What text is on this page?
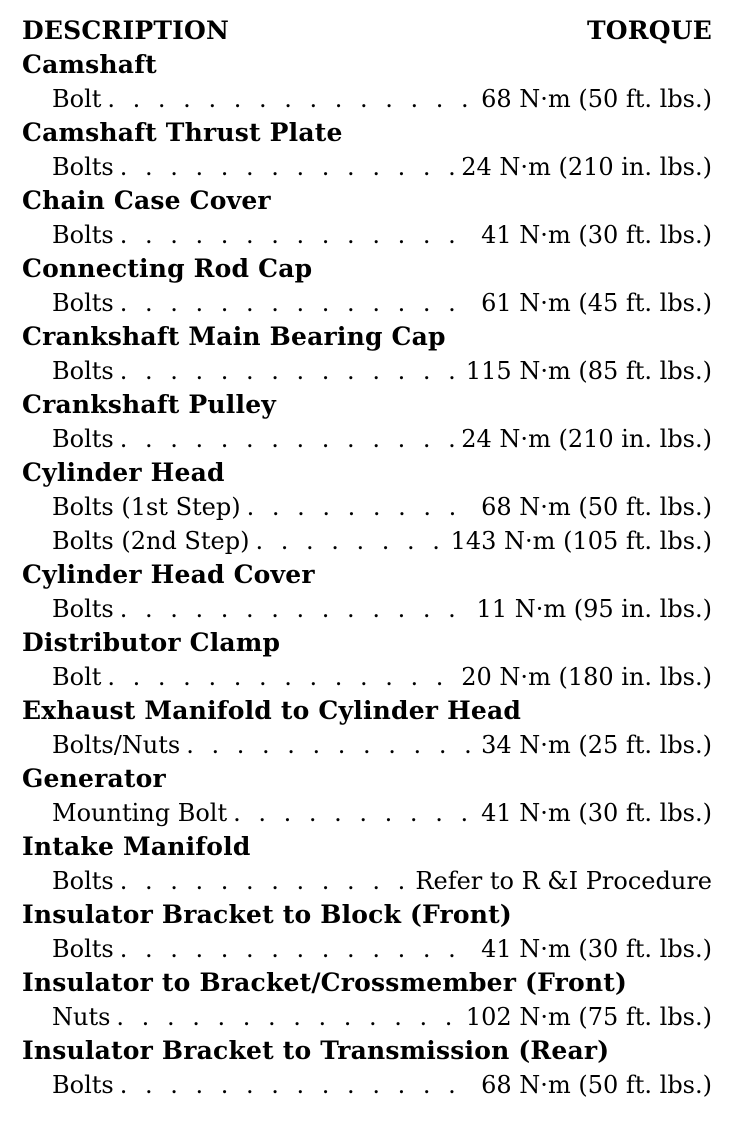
DESCRIPTION	TORQUE
Camshaft
Bolt . . .	68 N·m (50 ft. lbs.)
Camshaft Thrust Plate
Bolts . . .	24 N·m (210 in. lbs.)
Chain Case Cover
Bolts . . .	41 N·m (30 ft. lbs.)
Connecting Rod Cap
Bolts . . .	61 N·m (45 ft. lbs.)
Crankshaft Main Bearing Cap
Bolts . . .	115 N·m (85 ft. lbs.)
Crankshaft Pulley
Bolts . . .	24 N·m (210 in. lbs.)
Cylinder Head
Bolts (1st Step) . . .	68 N·m (50 ft. lbs.)
Bolts (2nd Step) . . .	143 N·m (105 ft. lbs.)
Cylinder Head Cover
Bolts . . .	11 N·m (95 in. lbs.)
Distributor Clamp
Bolt . . .	20 N·m (180 in. lbs.)
Exhaust Manifold to Cylinder Head
Bolts/Nuts . . .	34 N·m (25 ft. lbs.)
Generator
Mounting Bolt . . .	41 N·m (30 ft. lbs.)
Intake Manifold
Bolts . . .	Refer to R &I Procedure
Insulator Bracket to Block (Front)
Bolts . . .	41 N·m (30 ft. lbs.)
Insulator to Bracket/Crossmember (Front)
Nuts . . .	102 N·m (75 ft. lbs.)
Insulator Bracket to Transmission (Rear)
Bolts . . .	68 N·m (50 ft. lbs.)
